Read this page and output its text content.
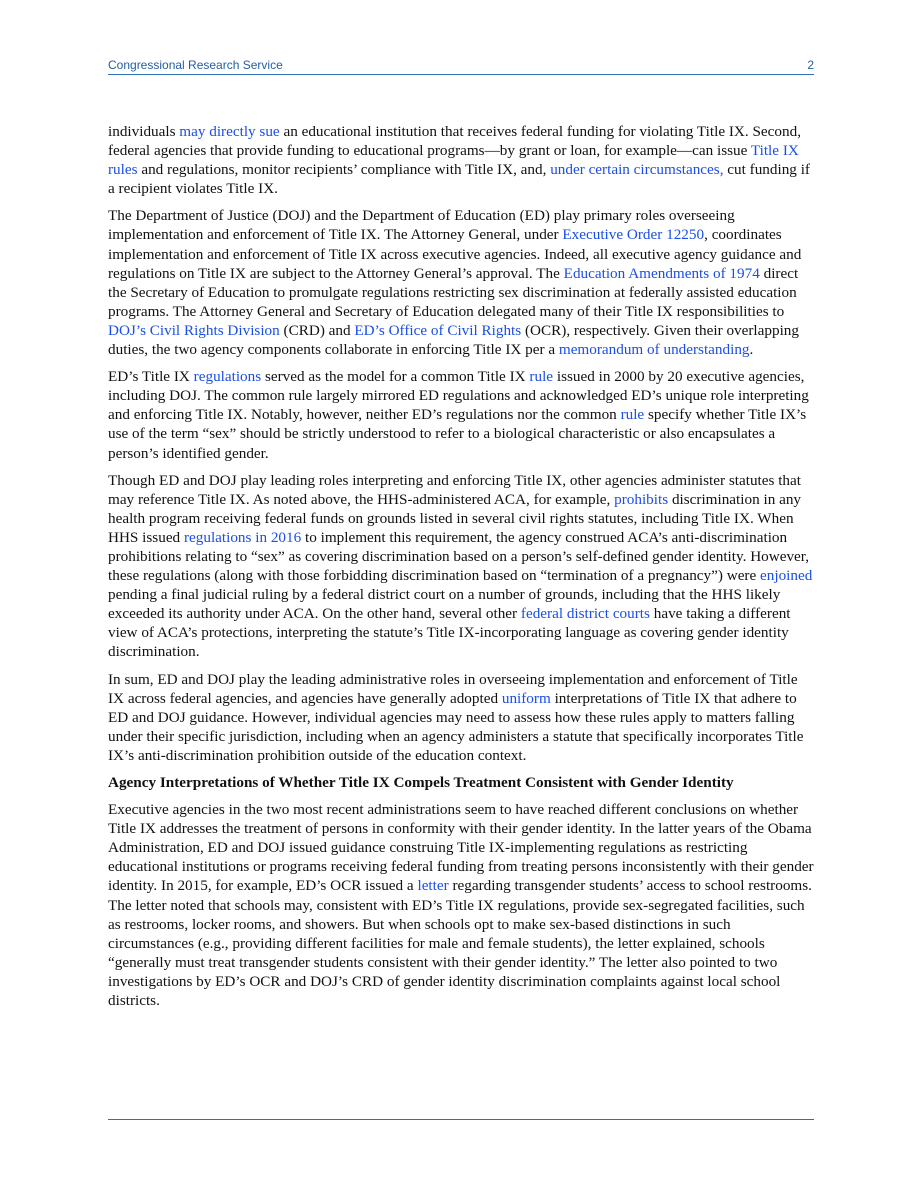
Congressional Research Service	2

individuals may directly sue an educational institution that receives federal funding for violating Title IX. Second, federal agencies that provide funding to educational programs—by grant or loan, for example—can issue Title IX rules and regulations, monitor recipients’ compliance with Title IX, and, under certain circumstances, cut funding if a recipient violates Title IX.

The Department of Justice (DOJ) and the Department of Education (ED) play primary roles overseeing implementation and enforcement of Title IX. The Attorney General, under Executive Order 12250, coordinates implementation and enforcement of Title IX across executive agencies. Indeed, all executive agency guidance and regulations on Title IX are subject to the Attorney General’s approval. The Education Amendments of 1974 direct the Secretary of Education to promulgate regulations restricting sex discrimination at federally assisted education programs. The Attorney General and Secretary of Education delegated many of their Title IX responsibilities to DOJ’s Civil Rights Division (CRD) and ED’s Office of Civil Rights (OCR), respectively. Given their overlapping duties, the two agency components collaborate in enforcing Title IX per a memorandum of understanding.

ED’s Title IX regulations served as the model for a common Title IX rule issued in 2000 by 20 executive agencies, including DOJ. The common rule largely mirrored ED regulations and acknowledged ED’s unique role interpreting and enforcing Title IX. Notably, however, neither ED’s regulations nor the common rule specify whether Title IX’s use of the term “sex” should be strictly understood to refer to a biological characteristic or also encapsulates a person’s identified gender.

Though ED and DOJ play leading roles interpreting and enforcing Title IX, other agencies administer statutes that may reference Title IX. As noted above, the HHS-administered ACA, for example, prohibits discrimination in any health program receiving federal funds on grounds listed in several civil rights statutes, including Title IX. When HHS issued regulations in 2016 to implement this requirement, the agency construed ACA’s anti-discrimination prohibitions relating to “sex” as covering discrimination based on a person’s self-defined gender identity. However, these regulations (along with those forbidding discrimination based on “termination of a pregnancy”) were enjoined pending a final judicial ruling by a federal district court on a number of grounds, including that the HHS likely exceeded its authority under ACA. On the other hand, several other federal district courts have taking a different view of ACA’s protections, interpreting the statute’s Title IX-incorporating language as covering gender identity discrimination.

In sum, ED and DOJ play the leading administrative roles in overseeing implementation and enforcement of Title IX across federal agencies, and agencies have generally adopted uniform interpretations of Title IX that adhere to ED and DOJ guidance. However, individual agencies may need to assess how these rules apply to matters falling under their specific jurisdiction, including when an agency administers a statute that specifically incorporates Title IX’s anti-discrimination prohibition outside of the education context.

Agency Interpretations of Whether Title IX Compels Treatment Consistent with Gender Identity

Executive agencies in the two most recent administrations seem to have reached different conclusions on whether Title IX addresses the treatment of persons in conformity with their gender identity. In the latter years of the Obama Administration, ED and DOJ issued guidance construing Title IX-implementing regulations as restricting educational institutions or programs receiving federal funding from treating persons inconsistently with their gender identity. In 2015, for example, ED’s OCR issued a letter regarding transgender students’ access to school restrooms. The letter noted that schools may, consistent with ED’s Title IX regulations, provide sex-segregated facilities, such as restrooms, locker rooms, and showers. But when schools opt to make sex-based distinctions in such circumstances (e.g., providing different facilities for male and female students), the letter explained, schools “generally must treat transgender students consistent with their gender identity.” The letter also pointed to two investigations by ED’s OCR and DOJ’s CRD of gender identity discrimination complaints against local school districts.
